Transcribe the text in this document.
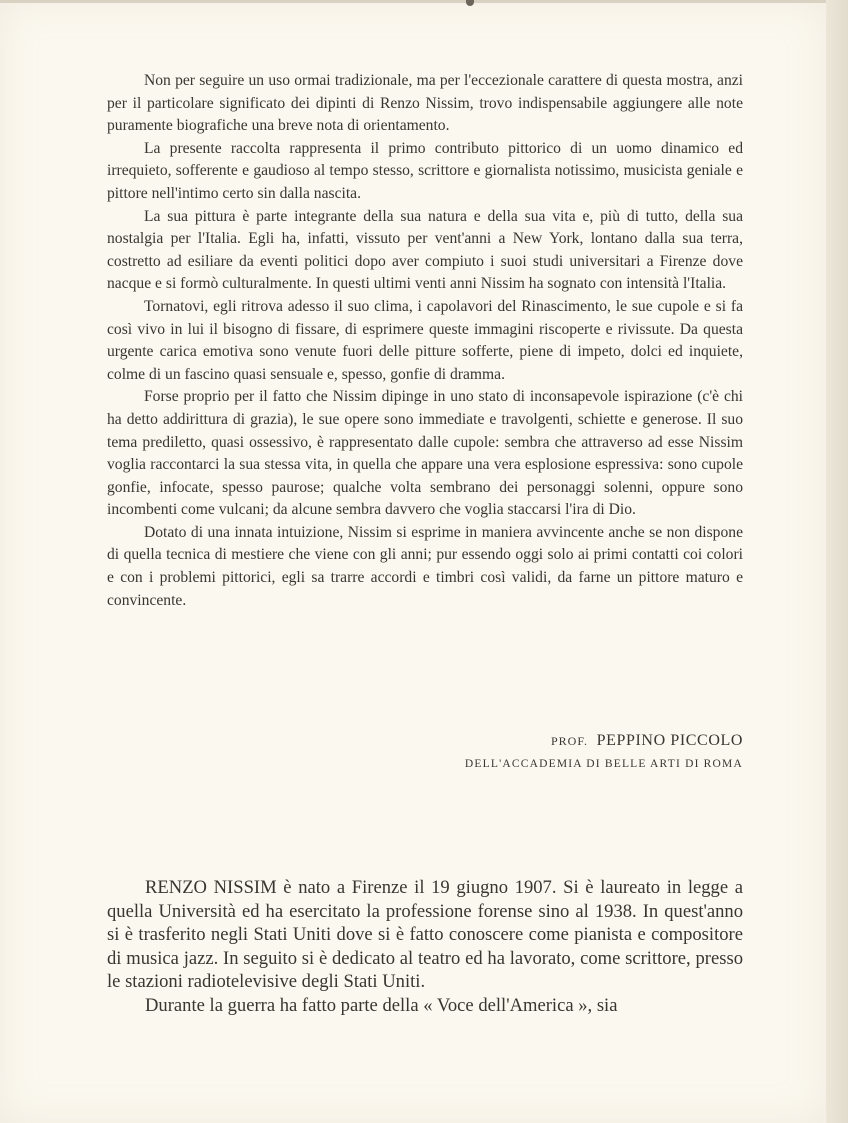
Non per seguire un uso ormai tradizionale, ma per l'eccezionale carattere di questa mostra, anzi per il particolare significato dei dipinti di Renzo Nissim, trovo indispensabile aggiungere alle note puramente biografiche una breve nota di orientamento.

La presente raccolta rappresenta il primo contributo pittorico di un uomo dinamico ed irrequieto, sofferente e gaudioso al tempo stesso, scrittore e giornalista notissimo, musicista geniale e pittore nell'intimo certo sin dalla nascita.

La sua pittura è parte integrante della sua natura e della sua vita e, più di tutto, della sua nostalgia per l'Italia. Egli ha, infatti, vissuto per vent'anni a New York, lontano dalla sua terra, costretto ad esiliare da eventi politici dopo aver compiuto i suoi studi universitari a Firenze dove nacque e si formò culturalmente. In questi ultimi venti anni Nissim ha sognato con intensità l'Italia.

Tornatovi, egli ritrova adesso il suo clima, i capolavori del Rinascimento, le sue cupole e si fa così vivo in lui il bisogno di fissare, di esprimere queste immagini riscoperte e rivissute. Da questa urgente carica emotiva sono venute fuori delle pitture sofferte, piene di impeto, dolci ed inquiete, colme di un fascino quasi sensuale e, spesso, gonfie di dramma.

Forse proprio per il fatto che Nissim dipinge in uno stato di inconsapevole ispirazione (c'è chi ha detto addirittura di grazia), le sue opere sono immediate e travolgenti, schiette e generose. Il suo tema prediletto, quasi ossessivo, è rappresentato dalle cupole: sembra che attraverso ad esse Nissim voglia raccontarci la sua stessa vita, in quella che appare una vera esplosione espressiva: sono cupole gonfie, infocate, spesso paurose; qualche volta sembrano dei personaggi solenni, oppure sono incombenti come vulcani; da alcune sembra davvero che voglia staccarsi l'ira di Dio.

Dotato di una innata intuizione, Nissim si esprime in maniera avvincente anche se non dispone di quella tecnica di mestiere che viene con gli anni; pur essendo oggi solo ai primi contatti coi colori e con i problemi pittorici, egli sa trarre accordi e timbri così validi, da farne un pittore maturo e convincente.

PROF. PEPPINO PICCOLO
DELL'ACCADEMIA DI BELLE ARTI DI ROMA

RENZO NISSIM è nato a Firenze il 19 giugno 1907. Si è laureato in legge a quella Università ed ha esercitato la professione forense sino al 1938. In quest'anno si è trasferito negli Stati Uniti dove si è fatto conoscere come pianista e compositore di musica jazz. In seguito si è dedicato al teatro ed ha lavorato, come scrittore, presso le stazioni radiotelevisive degli Stati Uniti.

Durante la guerra ha fatto parte della « Voce dell'America », sia
